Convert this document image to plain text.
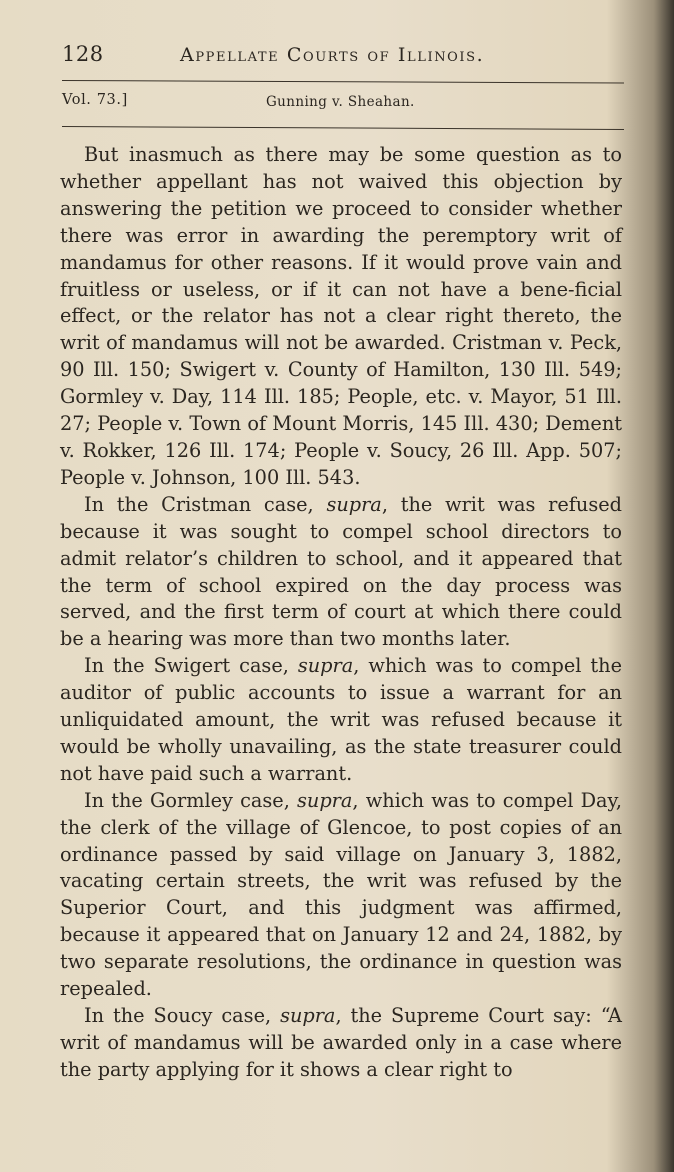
128	Appellate Courts of Illinois.
Vol. 73.]	Gunning v. Sheahan.

But inasmuch as there may be some question as to whether appellant has not waived this objection by answering the petition we proceed to consider whether there was error in awarding the peremptory writ of mandamus for other reasons. If it would prove vain and fruitless or useless, or if it can not have a bene-ficial effect, or the relator has not a clear right thereto, the writ of mandamus will not be awarded. Cristman v. Peck, 90 Ill. 150; Swigert v. County of Hamilton, 130 Ill. 549; Gormley v. Day, 114 Ill. 185; People, etc. v. Mayor, 51 Ill. 27; People v. Town of Mount Morris, 145 Ill. 430; Dement v. Rokker, 126 Ill. 174; People v. Soucy, 26 Ill. App. 507; People v. Johnson, 100 Ill. 543.

In the Cristman case, supra, the writ was refused because it was sought to compel school directors to admit relator’s children to school, and it appeared that the term of school expired on the day process was served, and the first term of court at which there could be a hearing was more than two months later.

In the Swigert case, supra, which was to compel the auditor of public accounts to issue a warrant for an unliquidated amount, the writ was refused because it would be wholly unavailing, as the state treasurer could not have paid such a warrant.

In the Gormley case, supra, which was to compel Day, the clerk of the village of Glencoe, to post copies of an ordinance passed by said village on January 3, 1882, vacating certain streets, the writ was refused by the Superior Court, and this judgment was affirmed, because it appeared that on January 12 and 24, 1882, by two separate resolutions, the ordinance in question was repealed.

In the Soucy case, supra, the Supreme Court say: “A writ of mandamus will be awarded only in a case where the party applying for it shows a clear right to
